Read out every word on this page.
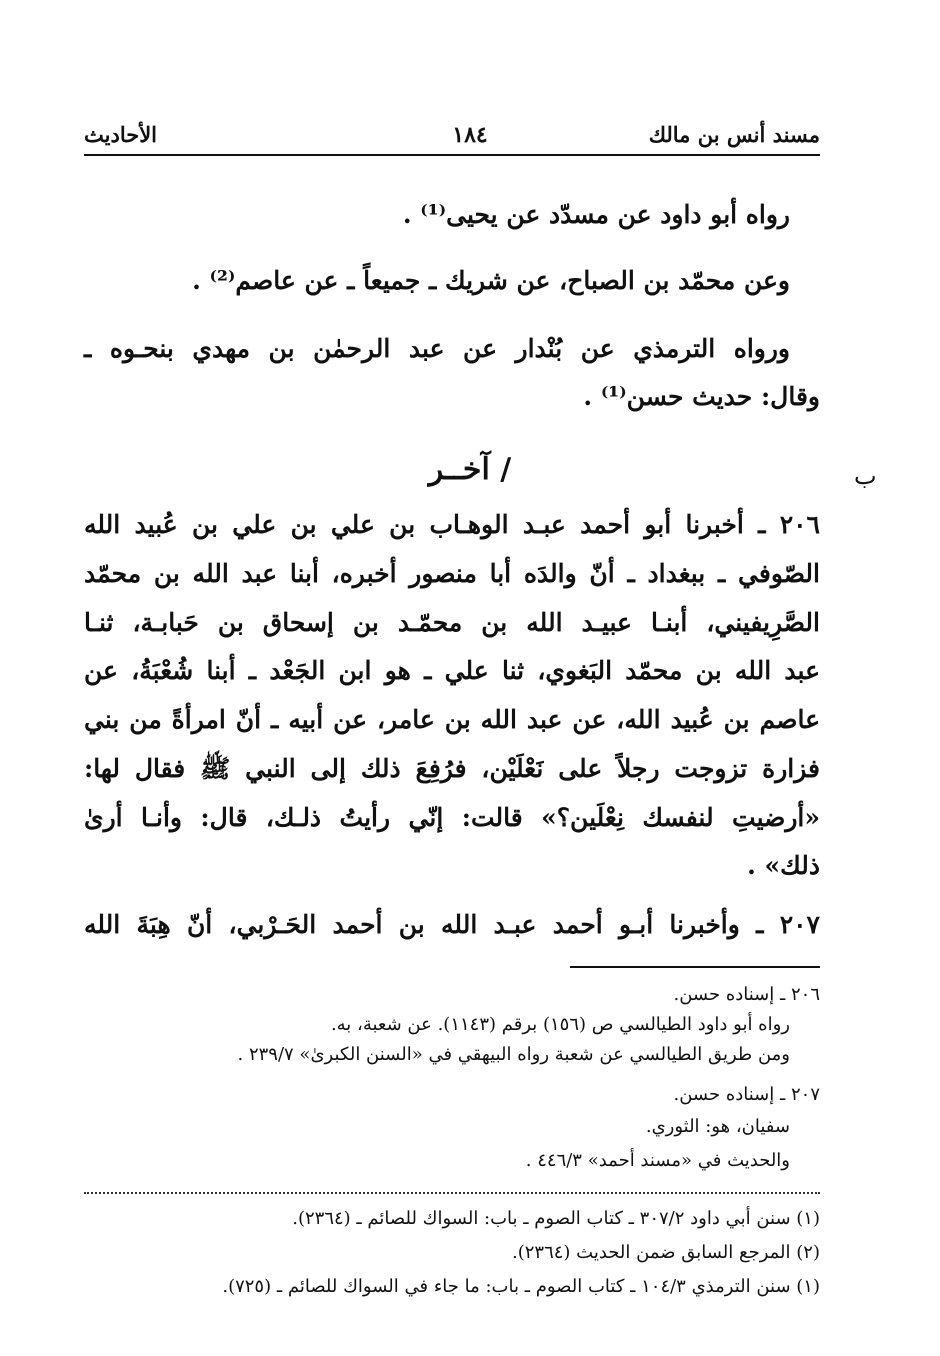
مسند أنس بن مالك
١٨٤
الأحاديث
ب
رواه أبو داود عن مسدّد عن يحيى⁽¹⁾ .
وعن محمّد بن الصباح، عن شريك ـ جميعاً ـ عن عاصم⁽²⁾ .
ورواه الترمذي عن بُنْدار عن عبد الرحمٰن بن مهدي بنحـوه ـ
وقال: حديث حسن⁽¹⁾ .
/ آخــر
٢٠٦ ـ أخبرنا أبو أحمد عبـد الوهـاب بن علي بن علي بن عُبيد الله
الصّوفي ـ ببغداد ـ أنّ والدَه أبا منصور أخبره، أبنا عبد الله بن محمّد
الصَّرِيفيني، أبنـا عبيـد الله بن محمّـد بن إسحاق بن حَبابـة، ثنـا
عبد الله بن محمّد البَغوي، ثنا علي ـ هو ابن الجَعْد ـ أبنا شُعْبَةُ، عن
عاصم بن عُبيد الله، عن عبد الله بن عامر، عن أبيه ـ أنّ امرأةً من بني
فزارة تزوجت رجلاً على نَعْلَيْن، فرُفِعَ ذلك إلى النبي ﷺ فقال لها:
«أرضيتِ لنفسك نِعْلَين؟» قالت: إنّي رأيتُ ذلـك، قال: وأنـا أرىٰ
ذلك» .
٢٠٧ ـ وأخبرنا أبـو أحمد عبـد الله بن أحمد الحَـرْبي، أنّ هِبَةَ الله
٢٠٦ ـ إسناده حسن.
رواه أبو داود الطيالسي ص (١٥٦) برقم (١١٤٣). عن شعبة، به.
ومن طريق الطيالسي عن شعبة رواه البيهقي في «السنن الكبرىٰ» ٢٣٩/٧ .
٢٠٧ ـ إسناده حسن.
سفيان، هو: الثوري.
والحديث في «مسند أحمد» ٤٤٦/٣ .
(١) سنن أبي داود ٣٠٧/٢ ـ كتاب الصوم ـ باب: السواك للصائم ـ (٢٣٦٤).
(٢) المرجع السابق ضمن الحديث (٢٣٦٤).
(١) سنن الترمذي ١٠٤/٣ ـ كتاب الصوم ـ باب: ما جاء في السواك للصائم ـ (٧٢٥).
